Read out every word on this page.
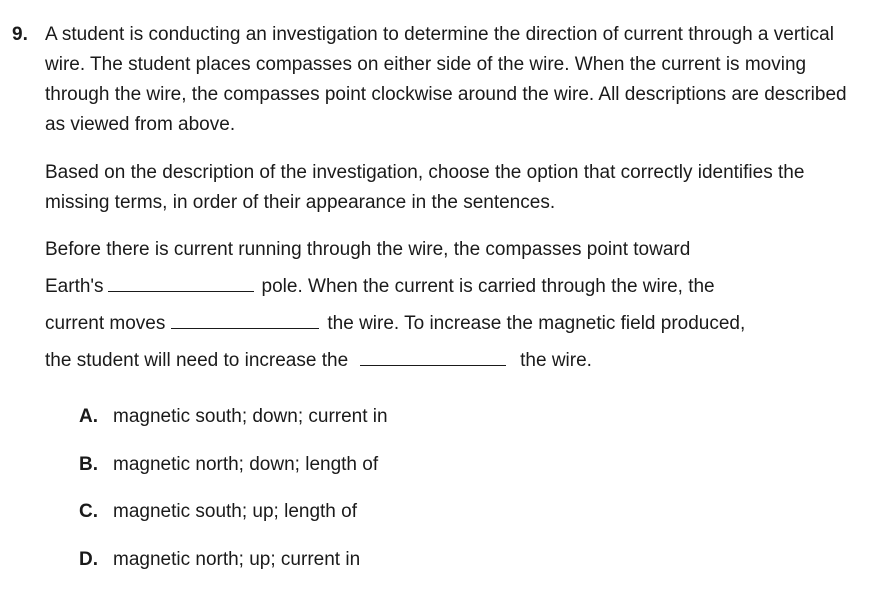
9. A student is conducting an investigation to determine the direction of current through a vertical wire. The student places compasses on either side of the wire. When the current is moving through the wire, the compasses point clockwise around the wire. All descriptions are described as viewed from above.

Based on the description of the investigation, choose the option that correctly identifies the missing terms, in order of their appearance in the sentences.

Before there is current running through the wire, the compasses point toward
Earth's	pole. When the current is carried through the wire, the
current moves	the wire. To increase the magnetic field produced,
the student will need to increase the	the wire.
A. magnetic south; down; current in
B. magnetic north; down; length of
C. magnetic south; up; length of
D. magnetic north; up; current in
